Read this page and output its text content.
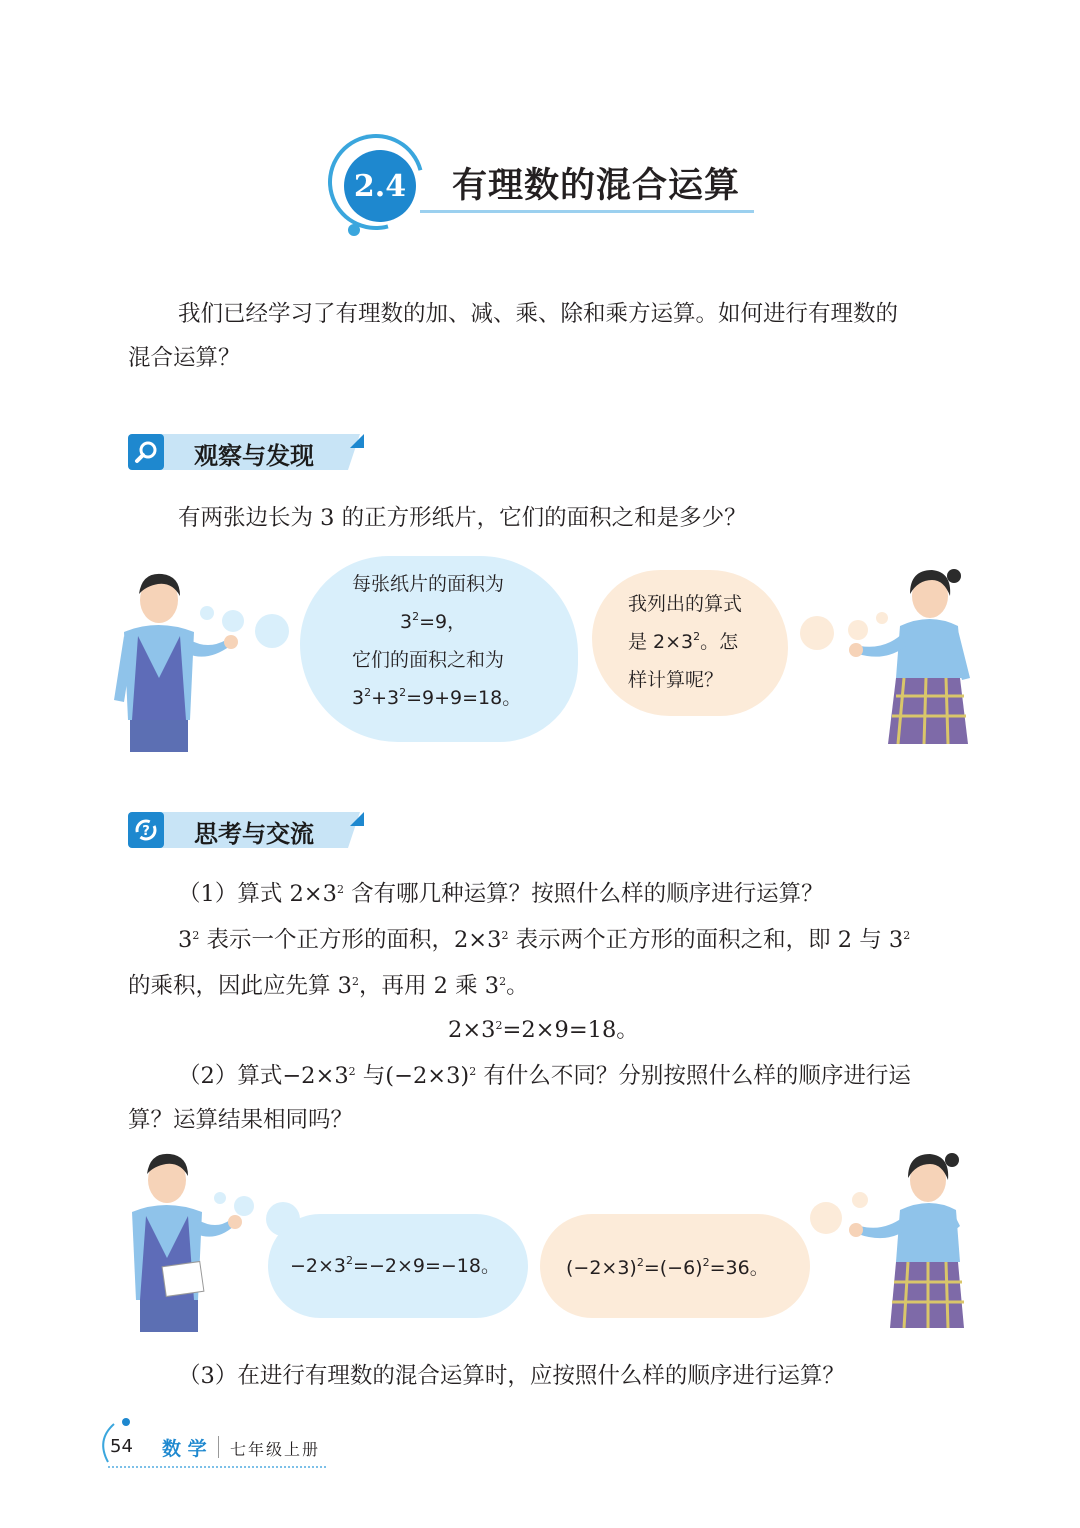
2.4 有理数的混合运算
我们已经学习了有理数的加、减、乘、除和乘方运算。如何进行有理数的
混合运算？
观察与发现
有两张边长为 3 的正方形纸片，它们的面积之和是多少？
每张纸片的面积为
$3^2=9$，
它们的面积之和为
$3^2+3^2=9+9=18$。
我列出的算式
是 $2\times 3^2$。怎
样计算呢？
? 思考与交流
（1）算式 $2\times 3^2$ 含有哪几种运算？按照什么样的顺序进行运算？
$3^2$ 表示一个正方形的面积，$2\times 3^2$ 表示两个正方形的面积之和，即 2 与 $3^2$
的乘积，因此应先算 $3^2$，再用 2 乘 $3^2$。
$2\times 3^2=2\times 9=18$。
（2）算式$-2\times 3^2$ 与$(-2\times 3)^2$ 有什么不同？分别按照什么样的顺序进行运
算？运算结果相同吗？
$-2\times 3^2=-2\times 9=-18$。	$(-2\times 3)^2=(-6)^2=36$。
（3）在进行有理数的混合运算时，应按照什么样的顺序进行运算？
54 数 学 七年级上册
